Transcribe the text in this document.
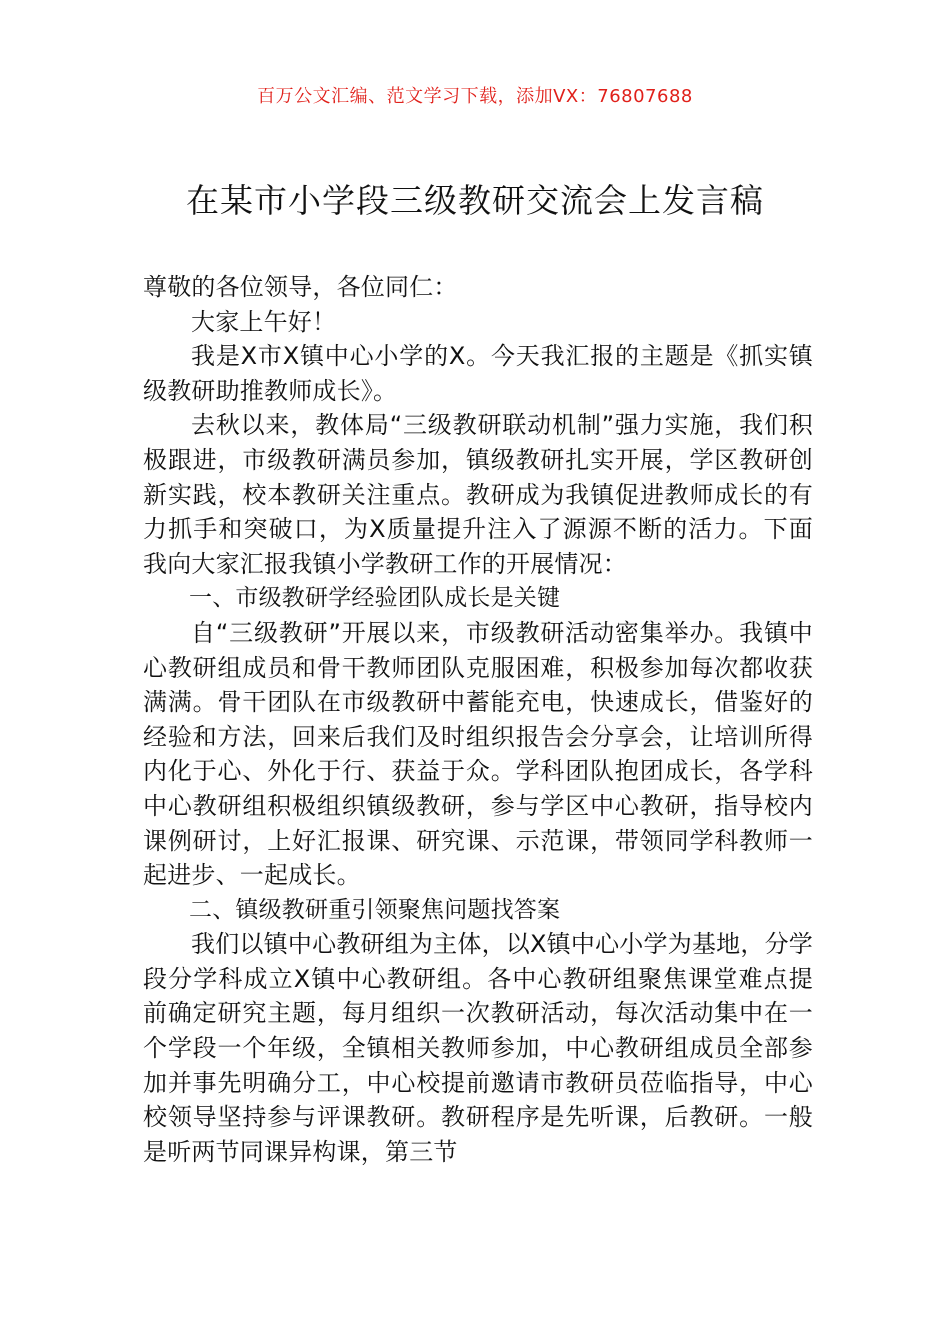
百万公文汇编、范文学习下载，添加VX：76807688
在某市小学段三级教研交流会上发言稿

尊敬的各位领导，各位同仁：

大家上午好！

我是X市X镇中心小学的X。今天我汇报的主题是《抓实镇级教研助推教师成长》。

去秋以来，教体局“三级教研联动机制”强力实施，我们积极跟进，市级教研满员参加，镇级教研扎实开展，学区教研创新实践，校本教研关注重点。教研成为我镇促进教师成长的有力抓手和突破口，为X质量提升注入了源源不断的活力。下面我向大家汇报我镇小学教研工作的开展情况：

一、市级教研学经验团队成长是关键

自“三级教研”开展以来，市级教研活动密集举办。我镇中心教研组成员和骨干教师团队克服困难，积极参加每次都收获满满。骨干团队在市级教研中蓄能充电，快速成长，借鉴好的经验和方法，回来后我们及时组织报告会分享会，让培训所得内化于心、外化于行、获益于众。学科团队抱团成长，各学科中心教研组积极组织镇级教研，参与学区中心教研，指导校内课例研讨，上好汇报课、研究课、示范课，带领同学科教师一起进步、一起成长。

二、镇级教研重引领聚焦问题找答案

我们以镇中心教研组为主体，以X镇中心小学为基地，分学段分学科成立X镇中心教研组。各中心教研组聚焦课堂难点提前确定研究主题，每月组织一次教研活动，每次活动集中在一个学段一个年级，全镇相关教师参加，中心教研组成员全部参加并事先明确分工，中心校提前邀请市教研员莅临指导，中心校领导坚持参与评课教研。教研程序是先听课，后教研。一般是听两节同课异构课，第三节
